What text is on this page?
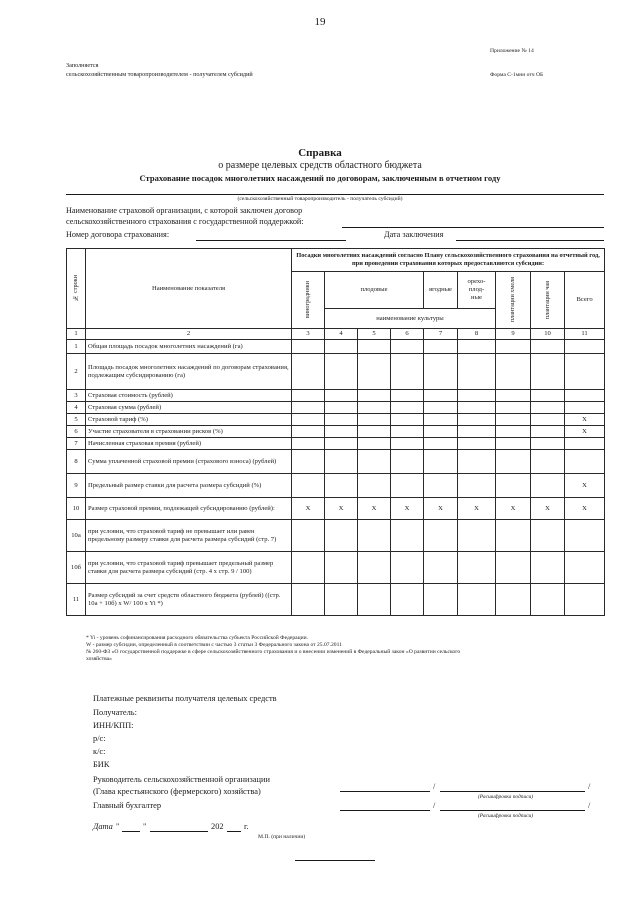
19
Приложение № 14
Заполняется
сельскохозяйственным товаропроизводителем - получателем субсидий	Форма С-1мнн отч ОБ
Справка
о размере целевых средств областного бюджета
Страхование посадок многолетних насаждений по договорам, заключенным в отчетном году
(сельскохозяйственный товаропроизводитель - получатель субсидий)
Наименование страховой организации, с которой заключен договор
сельскохозяйственного страхования с государственной поддержкой:
Номер договора страхования:	Дата заключения
№ строки	Наименование показателя	Посадки многолетних насаждений согласно Плану сельскохозяйственного страхования на отчетный год,
при проведении страхования которых предоставляются субсидии:								

		виноградники	плодовые			ягодные	орехо-
плод-
ные	плантации хмеля	плантации чая	Всего
			наименование культуры							
1	2	3	4	5	6	7	8	9	10	11
1	Общая площадь посадок многолетних насаждений (га)									
2	Площадь посадок многолетних насаждений по договорам страхования, подлежащим субсидированию (га)									
3	Страховая стоимость (рублей)									
4	Страховая сумма (рублей)									
5	Страховой тариф (%)									X
6	Участие страхователя в страховании рисков (%)									X
7	Начисленная страховая премия (рублей)									
8	Сумма уплаченной страховой премии (страхового взноса) (рублей)									
9	Предельный размер ставки для расчета размера субсидий (%)									X
10	Размер страховой премии, подлежащей субсидированию (рублей):	X	X	X	X	X	X	X	X	X
10а	при условии, что страховой тариф не превышает или равен предельному размеру ставки для расчета размера субсидий (стр. 7)									
10б	при условии, что страховой тариф превышает предельный размер ставки для расчета размера субсидий (стр. 4 х стр. 9 / 100)									
11	Размер субсидий за счет средств областного бюджета (рублей) ((стр. 10а + 10б) х W/ 100 х Yi *)									
* Yi - уровень софинансирования расходного обязательства субъекта Российской Федерации.
W - размер субсидии, определенный в соответствии с частью 3 статьи 3 Федерального закона от 25.07.2011
№ 260-ФЗ «О государственной поддержке в сфере сельскохозяйственного страхования и о внесении изменений в Федеральный закон «О развитии сельского
хозяйства»
Платежные реквизиты получателя целевых средств
Получатель:
ИНН/КПП:
р/с:
к/с:
БИК
Руководитель сельскохозяйственной организации
(Глава крестьянского (фермерского) хозяйства)
/	/
(Расшифровка подписи)
Главный бухгалтер	/	/
(Расшифровка подписи)
Дата "	"	202 г.
М.П. (при наличии)
